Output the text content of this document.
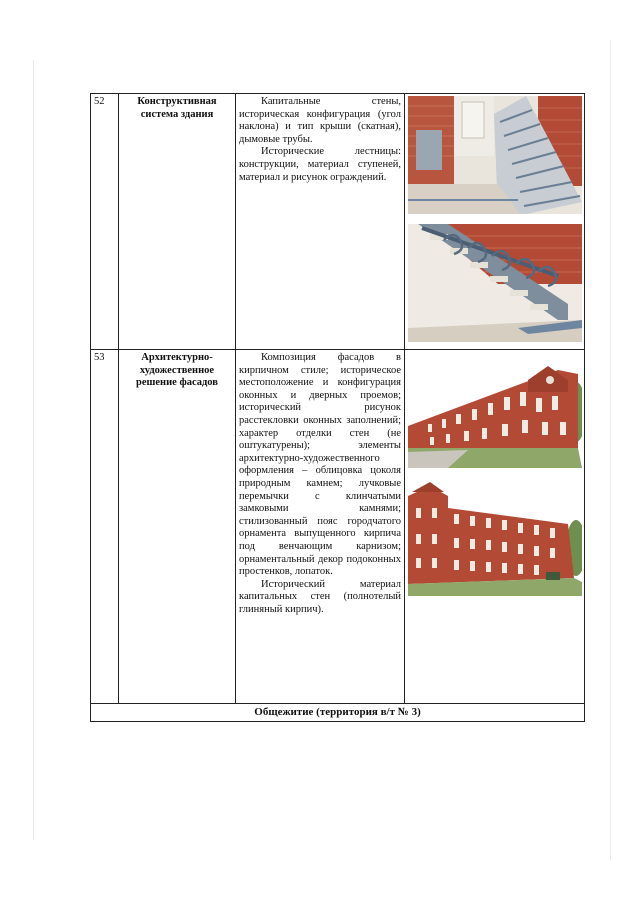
52	Конструктивная система здания	Капитальные стены, историческая конфигурация (угол наклона) и тип крыши (скатная), дымовые трубы.

Исторические лестницы: конструкции, материал ступеней, материал и рисунок ограждений.

53	Архитектурно-художественное решение фасадов	Композиция фасадов в кирпичном стиле; историческое местоположение и конфигурация оконных и дверных проемов; исторический рисунок расстекловки оконных заполнений; характер отделки стен (не оштукатурены); элементы архитектурно-художественного оформления – облицовка цоколя природным камнем; лучковые перемычки с клинчатыми замковыми камнями; стилизованный пояс городчатого орнамента выпущенного кирпича под венчающим карнизом; орнаментальный декор подоконных простенков, лопаток.

Исторический материал капитальных стен (полнотелый глиняный кирпич).

Общежитие (территория в/т № 3)			
